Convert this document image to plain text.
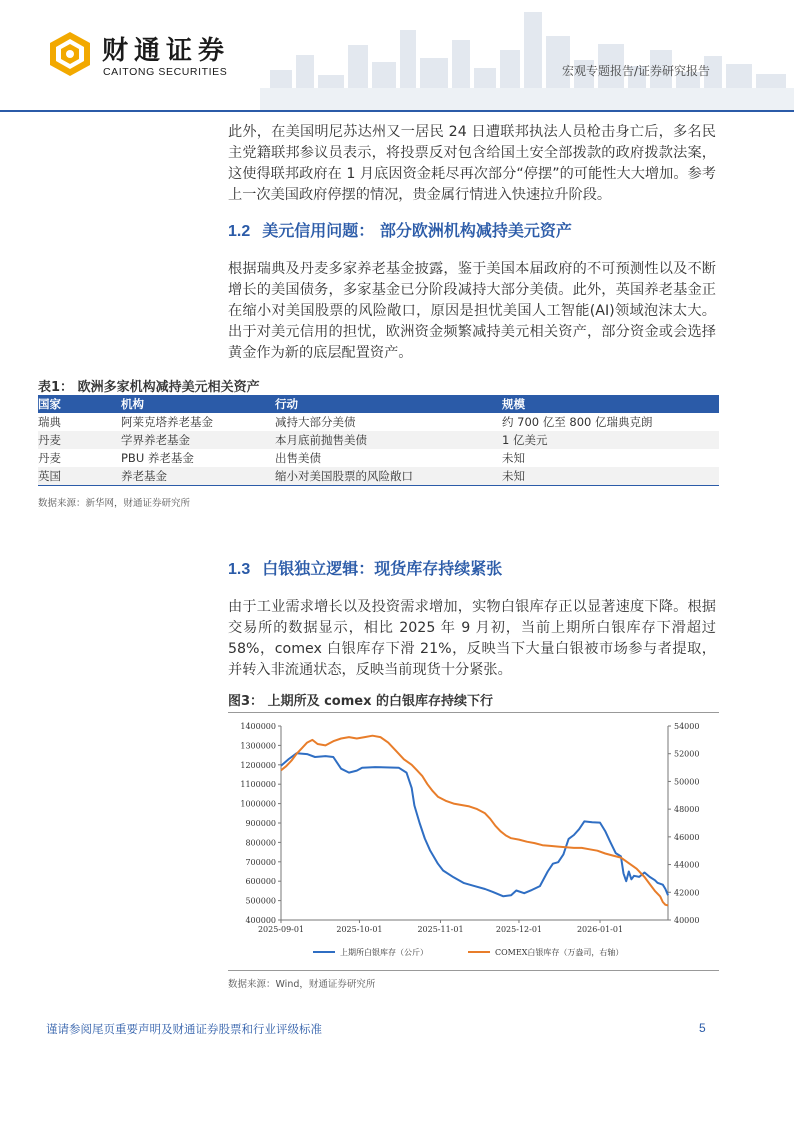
财通证券
CAITONG SECURITIES	宏观专题报告/证券研究报告

此外，在美国明尼苏达州又一居民 24 日遭联邦执法人员枪击身亡后，多名民主党籍联邦参议员表示，将投票反对包含给国土安全部拨款的政府拨款法案，这使得联邦政府在 1 月底因资金耗尽再次部分“停摆”的可能性大大增加。参考上一次美国政府停摆的情况，贵金属行情进入快速拉升阶段。

1.2 美元信用问题： 部分欧洲机构减持美元资产

根据瑞典及丹麦多家养老基金披露，鉴于美国本届政府的不可预测性以及不断增长的美国债务，多家基金已分阶段减持大部分美债。此外，英国养老基金正在缩小对美国股票的风险敞口，原因是担忧美国人工智能(AI)领域泡沫太大。出于对美元信用的担忧，欧洲资金频繁减持美元相关资产，部分资金或会选择黄金作为新的底层配置资产。

表1： 欧洲多家机构减持美元相关资产
国家	机构	行动	规模
瑞典	阿莱克塔养老基金	减持大部分美债	约 700 亿至 800 亿瑞典克朗
丹麦	学界养老基金	本月底前抛售美债	1 亿美元
丹麦	PBU 养老基金	出售美债	未知
英国	养老基金	缩小对美国股票的风险敞口	未知
数据来源：新华网，财通证券研究所
1.3 白银独立逻辑：现货库存持续紧张

由于工业需求增长以及投资需求增加，实物白银库存正以显著速度下降。根据交易所的数据显示，相比 2025 年 9 月初，当前上期所白银库存下滑超过 58%，comex 白银库存下滑 21%，反映当下大量白银被市场参与者提取，并转入非流通状态，反映当前现货十分紧张。

图3： 上期所及 comex 的白银库存持续下行
400000
500000
600000
700000
800000
900000
1000000
1100000
1200000
1300000
1400000
40000
42000
44000
46000
48000
50000
52000
54000
2025-09-01	2025-10-01	2025-11-01	2025-12-01	2026-01-01
上期所白银库存（公斤）	COMEX白银库存（万盎司，右轴）
数据来源：Wind，财通证券研究所
谨请参阅尾页重要声明及财通证券股票和行业评级标准	5
